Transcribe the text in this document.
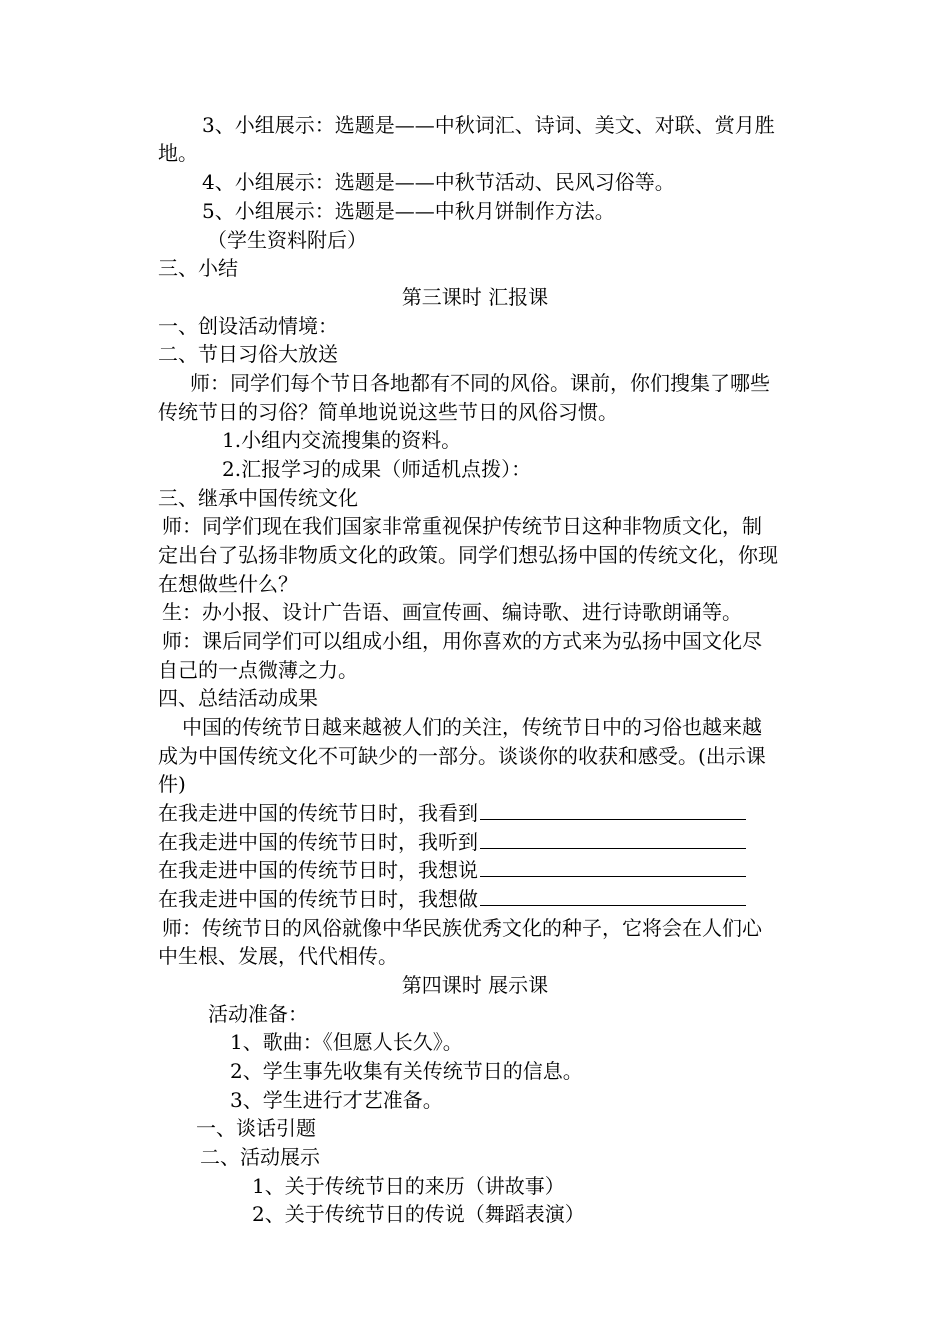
3、小组展示：选题是——中秋词汇、诗词、美文、对联、赏月胜
地。
4、小组展示：选题是——中秋节活动、民风习俗等。
5、小组展示：选题是——中秋月饼制作方法。
（学生资料附后）
三、小结
第三课时 汇报课
一、创设活动情境：
二、节日习俗大放送
师：同学们每个节日各地都有不同的风俗。课前，你们搜集了哪些
传统节日的习俗？简单地说说这些节日的风俗习惯。
1.小组内交流搜集的资料。
2.汇报学习的成果（师适机点拨）：
三、继承中国传统文化
师：同学们现在我们国家非常重视保护传统节日这种非物质文化，制
定出台了弘扬非物质文化的政策。同学们想弘扬中国的传统文化，你现
在想做些什么？
生：办小报、设计广告语、画宣传画、编诗歌、进行诗歌朗诵等。
师：课后同学们可以组成小组，用你喜欢的方式来为弘扬中国文化尽
自己的一点微薄之力。
四、总结活动成果
中国的传统节日越来越被人们的关注，传统节日中的习俗也越来越
成为中国传统文化不可缺少的一部分。谈谈你的收获和感受。(出示课
件)
在我走进中国的传统节日时，我看到
在我走进中国的传统节日时，我听到
在我走进中国的传统节日时，我想说
在我走进中国的传统节日时，我想做
师：传统节日的风俗就像中华民族优秀文化的种子，它将会在人们心
中生根、发展，代代相传。
第四课时 展示课
活动准备：
1、歌曲：《但愿人长久》。
2、学生事先收集有关传统节日的信息。
3、学生进行才艺准备。
一、谈话引题
二、活动展示
1、关于传统节日的来历（讲故事）
2、关于传统节日的传说（舞蹈表演）
